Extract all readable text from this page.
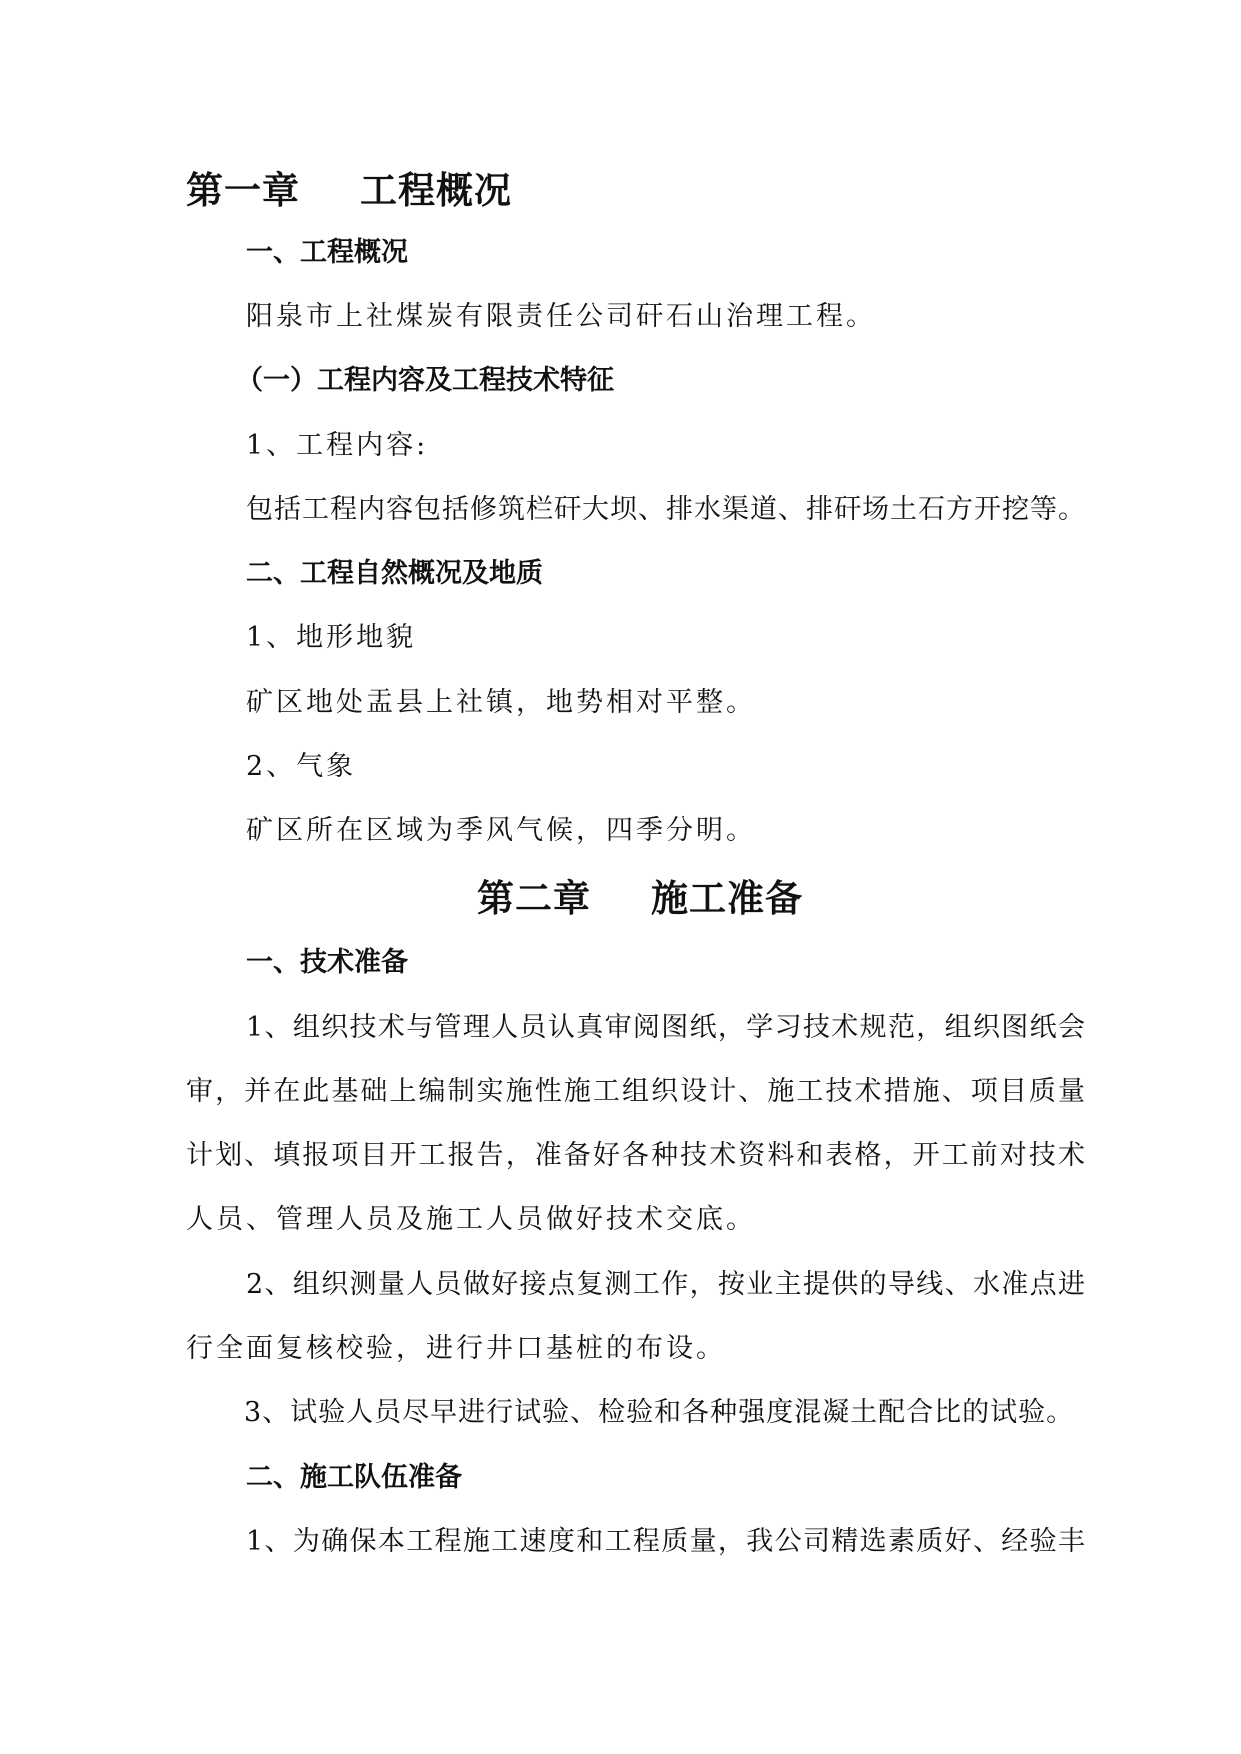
第一章 工程概况
一、工程概况

阳泉市上社煤炭有限责任公司矸石山治理工程。

（一）工程内容及工程技术特征

1、工程内容:

包括工程内容包括修筑栏矸大坝、排水渠道、排矸场土石方开挖等。

二、工程自然概况及地质

1、地形地貌

矿区地处盂县上社镇，地势相对平整。

2、气象

矿区所在区域为季风气候，四季分明。

第二章 施工准备
一、技术准备

1、组织技术与管理人员认真审阅图纸，学习技术规范，组织图纸会

审，并在此基础上编制实施性施工组织设计、施工技术措施、项目质量

计划、填报项目开工报告，准备好各种技术资料和表格，开工前对技术

人员、管理人员及施工人员做好技术交底。

2、组织测量人员做好接点复测工作，按业主提供的导线、水准点进

行全面复核校验，进行井口基桩的布设。

3、试验人员尽早进行试验、检验和各种强度混凝土配合比的试验。

二、施工队伍准备

1、为确保本工程施工速度和工程质量，我公司精选素质好、经验丰
